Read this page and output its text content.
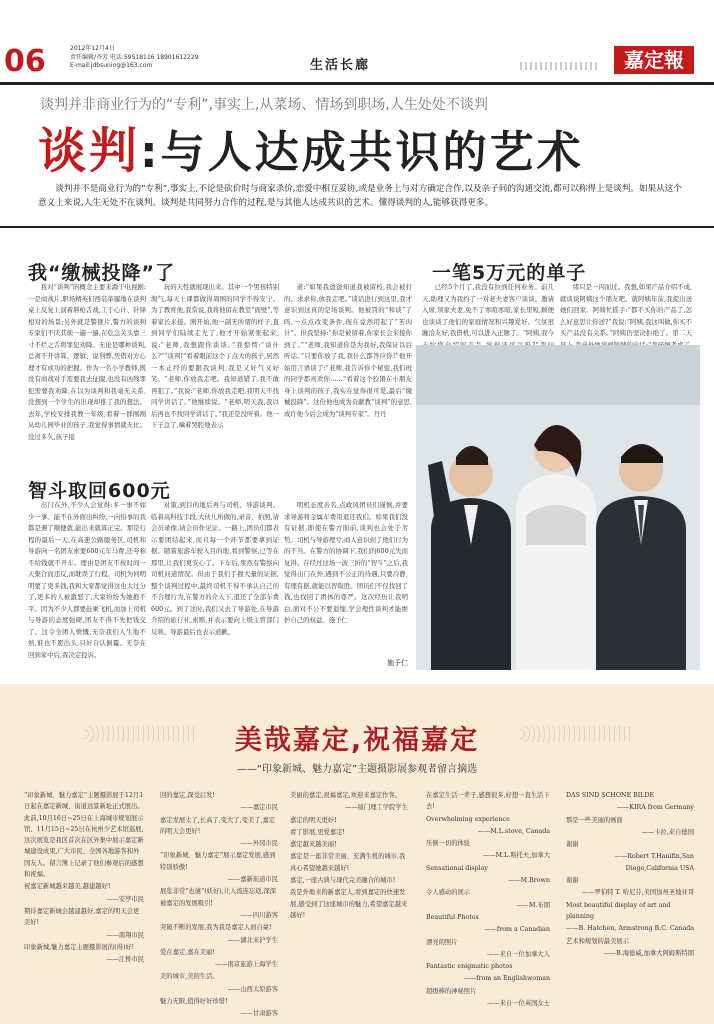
06	2012年12月4日
责任编辑/齐芳 电话:59518116 18901612229
E-mail:jdbsuning@163.com	生活长廊	嘉定報
谈判并非商业行为的“专利”,事实上,从菜场、情场到职场,人生处处不谈判
谈判:与人达成共识的艺术
谈判并不是商业行为的“专利”,事实上,不论是砍价时与商家杀价,恋爱中相互妥协,或是业务上与对方确定合作,以及亲子间的沟通交流,都可以称得上是谈判。如果从这个意义上来说,人生无处不在谈判。谈判是共同努力合作的过程,是与其他人达成共识的艺术。懂得谈判的人,能够获得更多。
我“缴械投降”了
我对“谈判”的概念主要来源于电视剧:一是商战片,职场精英们西装革履地在谈判桌上反复上演着唇枪舌战,工于心计、针锋相对的场景;另外就是警匪片,警方的谈判专家们不厌其烦一遍一遍,在危急关头靠三寸不烂之舌将罪犯劝降。无论是哪种谈判,总离不开讲算、逻辑、说利弊,凭借对方心理才有成功的把握。作为一名小学教师,既没有商战对手需要我去征服,也没有凶残罪犯需要我劝降,在以为谈判和我毫无关系,没想到一个学生的出现却推了我的想法。去年,学校安排我教一年级,看着一群刚刚从幼儿园毕业的孩子,我觉得事情就无比。没过多久,孩子接
玩的天性就展现出来。其中一个男孩特别淘气,每天上课都做得周围的同学不得安宁。为了教育他,我常说,我将他留在教室“面壁”,等着家长来接。刚开始,他一副无所谓的样子,直到同学们陆续走光了,他才开始紧张起来,说:“老师,我想跟你谈谈。”我惊愕:“谈什么?”“谈判!”看着眼前这个丁点大的孩子,居然一本正经的要跟我谈判,我是又好气又好笑。“老师,你放我走吧。我知道错了,我不敢再犯了。”我说:“老师,你放我走吧,我明天不找同学讲话了。”他继续说。“老师,明天我,我以后再也不找同学讲话了。”我还是没听着。他一下子急了,噙着哭腔地表示
道:“如果我爸爸知道我被留校,我会被打的。求求你,放我走吧。”谈话进行到这里,我才意识到这真的是场谈判。他被罚的“和谈”了吗,一点点改变条件,现在竟然用起了“苦肉计”。但我坚持:“你是被留着,你家长会来接你到了。”“老师,我知道你是为我好,我保证以后听话。”只要你放了我,我什么都答应你!”他开始用言语谈了:“老师,我告诉你个秘密,我们班的同学都喜欢你……”看着这个狡猾在小朋友身上谈判的孩子,我实在觉得很可爱,最后“缴械投降”。这份他也成为贡献教“谈判”的意思,或许他今后会成为“谈判专家”。丹丹
一笔5万元的单子
已经5个月了,我没有拉到任何业务。前几天,助理又为我约了一对老夫妻客户谈谈。邀请入席,领家夫妻,免不了寒暄寒暄,家长里短,顺便也谈谈了他们的家庭情况和兴趣爱好。气氛很融洽友好,我借机,可以进入正题了。“阿姨,我今
绪只是一闪而过。我想,如果产品介绍不成,就谈谈阿姨这个朋友吧。就阿姨年前,我提出送她们回家。阿姨忙摇手:“都不买你的产品了,怎么好意思让你送?”我说:“阿姨,我这叫做,你买不买产品没有关系。”阿姨仍坚决拒绝了。第二天
智斗取回600元
出门在外,不少人会觉得:多一事不如少一事。能不在外面出纠纷,一向怕事的我都是遇了顺便就,能出来就算正完。那是行程的最后一天,在高速公路服务区,司机和导游向一名团友索要600元车马费,还夸称不给钱就不开车。理由是团友不按时间一天集合而违反,而耽误了行程。司机为何明明要了更多钱,我和大家都觉得这也太过分了,更多的人被激怒了,大家纷纷为她抱不平。因为不少人都要赶乘飞机,而加上司机与导游的态度强硬,团友不得不先把钱交了。这令全团人愤慨,无奈我们人生地不熟,谁也不愿出头,只好自认倒霉。无奈在回到家中后,我决定投诉。
对策,到目的地后再与司机、导游谈判。临着高科技手段,大伙儿所做的,录音、拍照,请会员录像,请会员作见证。一路上,团员们都表示要团结起来,而且每一个环节都要拿到证据。随着旅游车驶入目的地,看到警察,已等在那里,让我们更安心了。下车后,果然有警察向司机问道情况。但由于我们手握大量的证据,整个谈判过程中,最终司机不得不承认自己的不合理行为,在警方的介入下,退还了全部车费600元。到了这时,我们又去了导游处,在导游介绍的旅行社,索赔,并表示要向上级主管部门反映。导游最后也表示道歉。
明机态度善名,点政风团员们谨慎,并要求导游将金属车费用退还我们。如果我们没有证据,即使在警方面前,谈判也会处于劣势。司机与导游理亏,商人意识到了他们行为的不当。在警方的协调下,我们的600元失而复得。在经过这场一波三折的“智斗”之后,我觉得出门在外,遇到不公正的待遇,只要冷静,有理有据,就能以智取胜。团员们不仅找回了钱,也找回了团体的尊严。这次经历让我明白,面对不公不要退缩,学会理性谈判才能维护自己的权益。施予仁
施予仁
美哉嘉定,祝福嘉定
——“印象新城、魅力嘉定”主题摄影展参观者留言摘选

“印象新城、魅力嘉定”主题摄影展于12月1日起在嘉定新城、街道远景新址正式展出。此前,10月16日~25日在上海城市规划展示馆、11月15日~25日在杭州少艺术馆巡展,这次展览是我区首次在区外集中展示嘉定新城建设成果,广大市民、全国各地游客和外国友人。留言簿上记录了他们参观后的感想和祝福。

祝嘉定新城越来越美,越建越好!

——安亭市民

期待嘉定新城会越建越好,嘉定的明天会更美好!

——南翔市民

印象新城,魅力嘉定主题摄影展的(得)好!

——江桥市民

回的嘉定,深受启发!

——嘉定市民

嘉定发展太了,长高了,变大了,变美了,嘉定的明天会更好!

——外冈市民

“印象新城、魅力嘉定”展示嘉定发展,感到特别骄傲!

——嘉新街道市民

展览非常“也谜”(妖好),让人流连忘返,深深被嘉定的发展吸引!

——四川游客

突破不断的发展,我为我是嘉定人而自豪!

——湖北来沪学生

爱在嘉定,嘉在美丽!

——南京旅游上海学生

美的城市,美的生活。

——山西太原游客

魅力无限,值得好好珍惜!

——甘肃游客

美丽的嘉定,祝福嘉定,欢迎来嘉定作客。

——厦门理工学院学生

嘉定的明天更好!

看了影展,更爱嘉定!

嘉定越来越美丽!

嘉定是一座非常美丽、充满生机的城市,我真心希望她越来越好!

嘉定,一座古典与现代完美融合的城市!

我是外地来的新嘉定人,看到嘉定的快速发展,感受到了这座城市的魅力,希望嘉定越来越好!

在嘉定生活一辈子,感想很多,好想一直生活下去!

Overwhelming experience

——M.L.stove, Canada

压倒一切的体验

——M.L.斯托夫,加拿大

Sensational display

——M.Brown

令人感动的展示

——M.布朗

Beautiful Photos

——from a Canadian

漂亮的照片

——来自一位加拿大人

Fantastic enigmatic photos

——from an Englishwoman

超级棒的神秘照片

——来自一位英国女士

DAS SIND SCHONE BILDE

——KIRA from Germany

那是一些美丽的画面

——卡拉,来自德国

谢谢

——Robert T.Hanifin,San Diego,California USA

谢谢

——罗伯特 T. 哈尼芬,美国加州圣地亚哥

Most beautiful display of art and planning

——B. Hatchen, Armstrong B.C. Canada

艺术和规划的最美展示

——B.海德威,加拿大阿姆斯特朗
